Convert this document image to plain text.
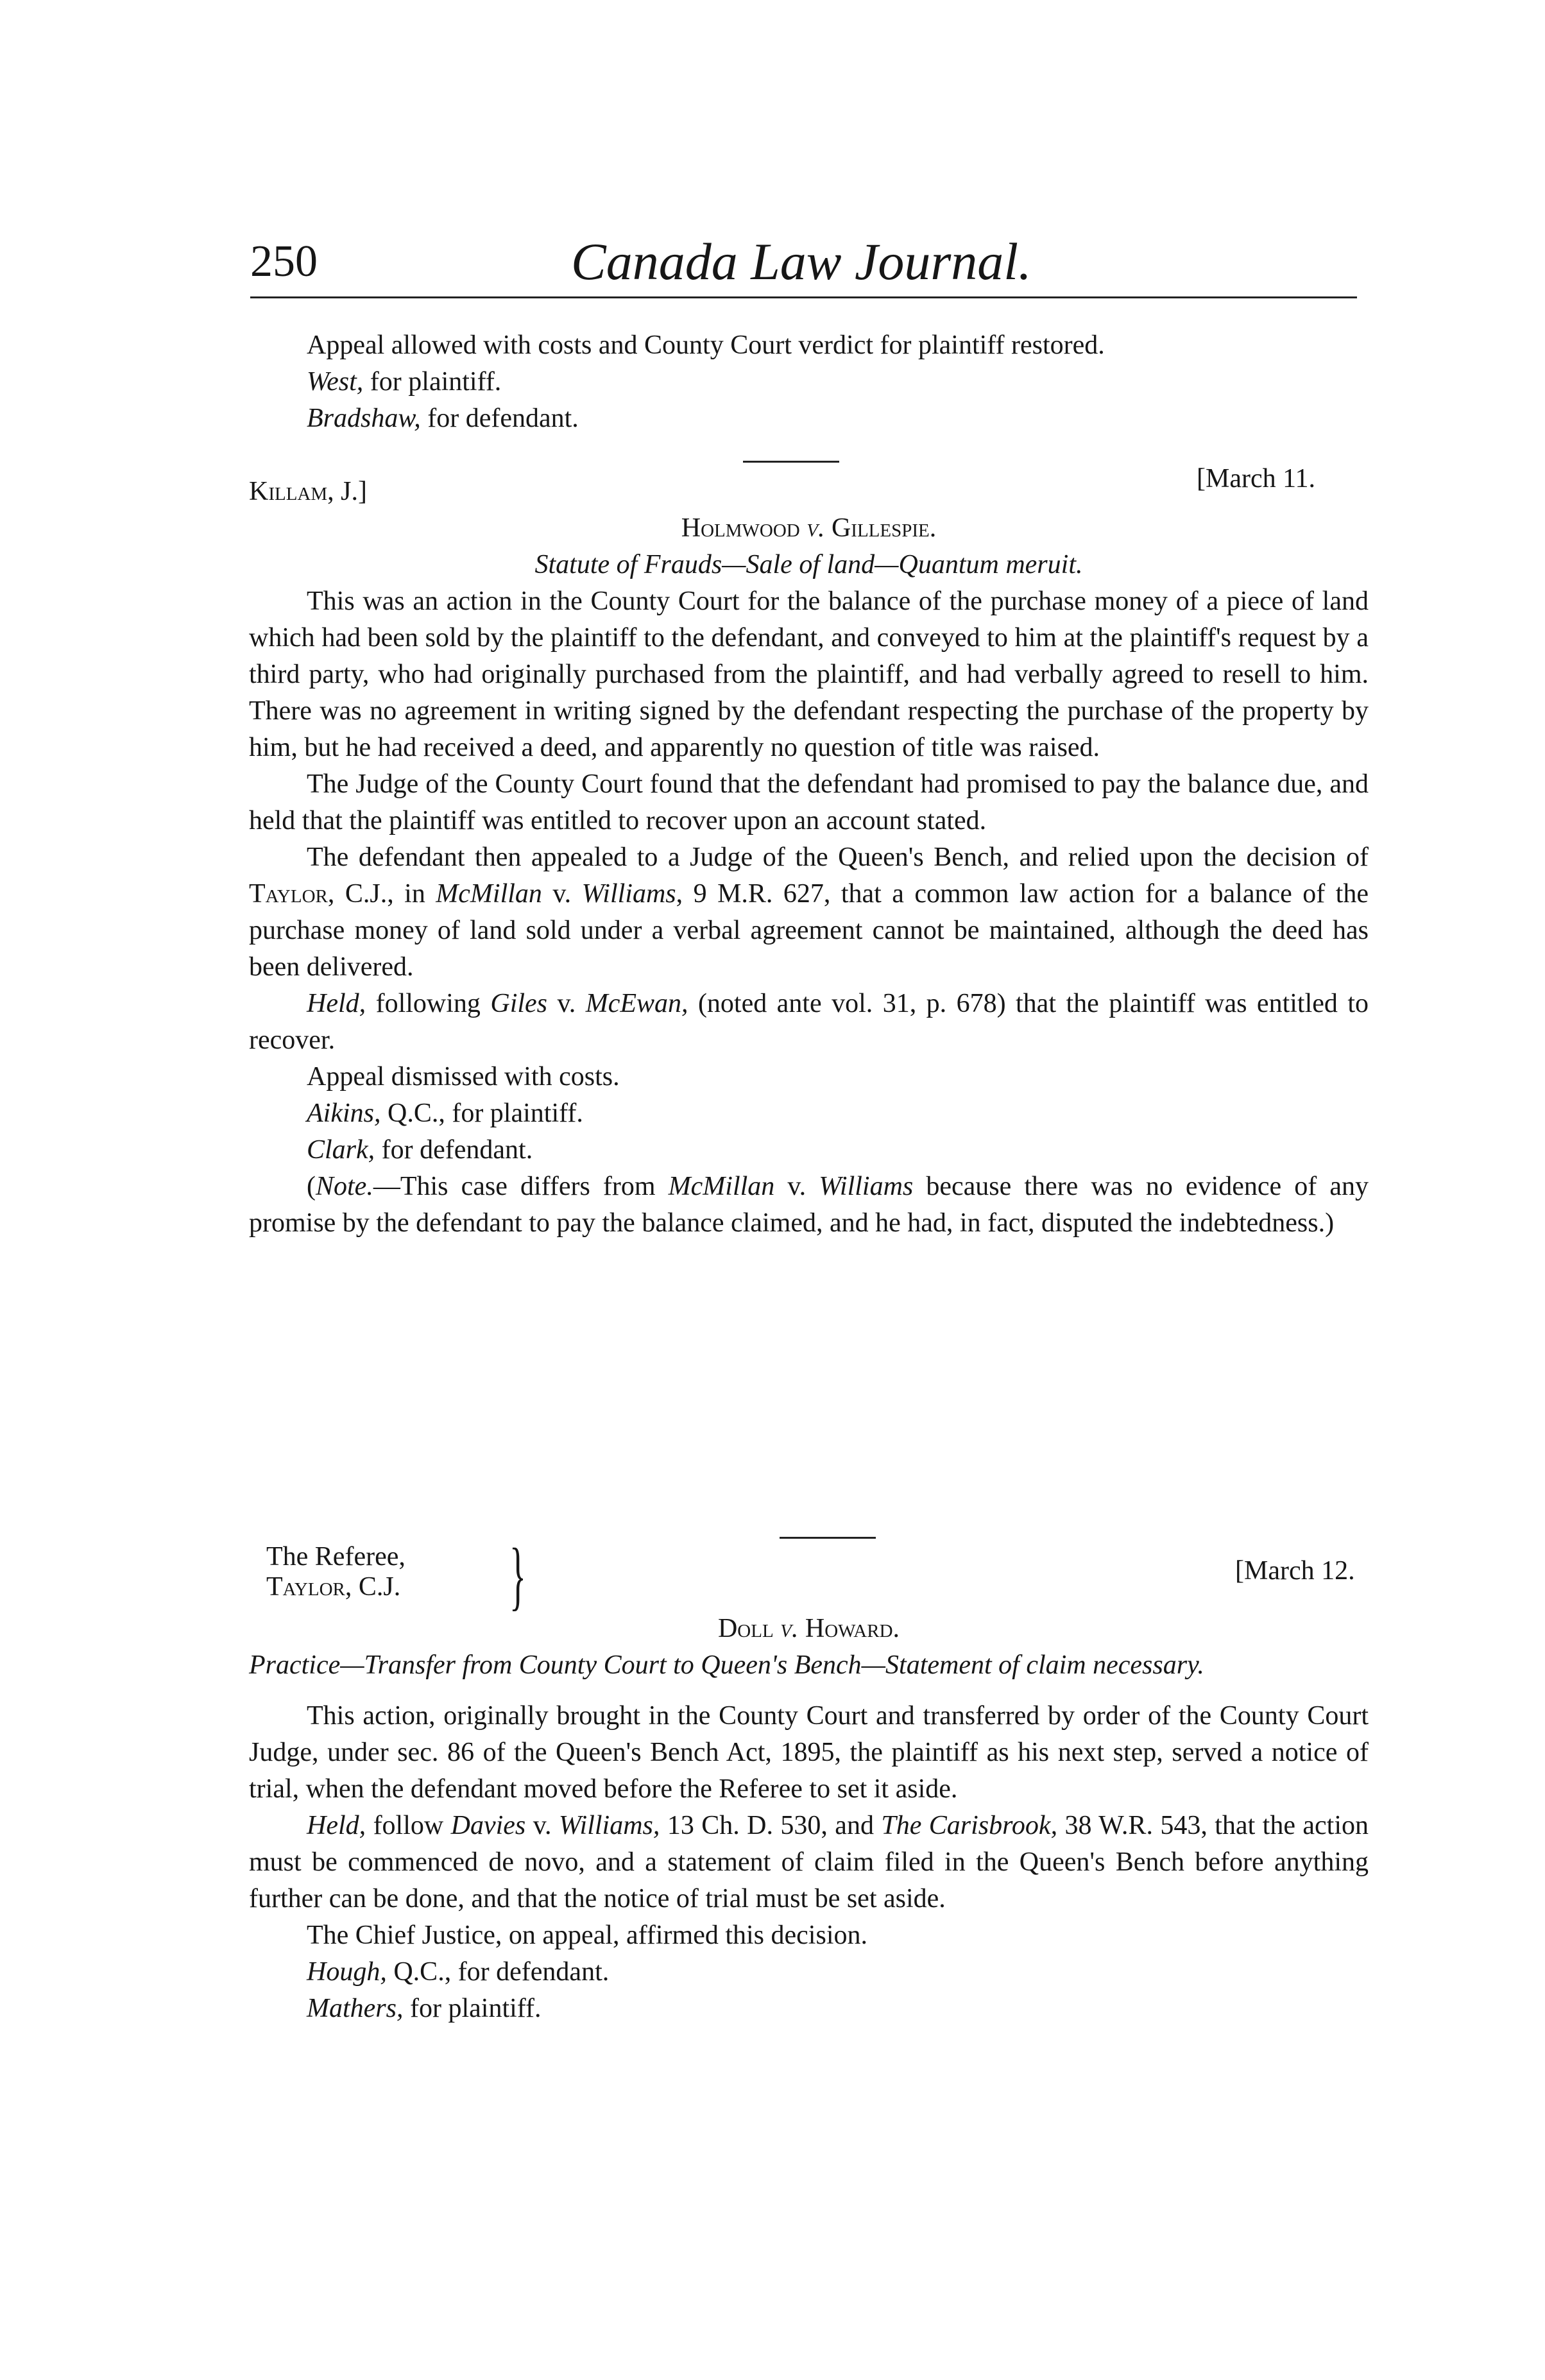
250	Canada Law Journal.

Appeal allowed with costs and County Court verdict for plaintiff restored.

West, for plaintiff.

Bradshaw, for defendant.

Killam, J.]	[March 11.

Holmwood v. Gillespie.

Statute of Frauds—Sale of land—Quantum meruit.

This was an action in the County Court for the balance of the purchase money of a piece of land which had been sold by the plaintiff to the defendant, and conveyed to him at the plaintiff's request by a third party, who had originally purchased from the plaintiff, and had verbally agreed to resell to him. There was no agreement in writing signed by the defendant respecting the purchase of the property by him, but he had received a deed, and apparently no question of title was raised.

The Judge of the County Court found that the defendant had promised to pay the balance due, and held that the plaintiff was entitled to recover upon an account stated.

The defendant then appealed to a Judge of the Queen's Bench, and relied upon the decision of Taylor, C.J., in McMillan v. Williams, 9 M.R. 627, that a common law action for a balance of the purchase money of land sold under a verbal agreement cannot be maintained, although the deed has been delivered.

Held, following Giles v. McEwan, (noted ante vol. 31, p. 678) that the plaintiff was entitled to recover.

Appeal dismissed with costs.

Aikins, Q.C., for plaintiff.

Clark, for defendant.

(Note.—This case differs from McMillan v. Williams because there was no evidence of any promise by the defendant to pay the balance claimed, and he had, in fact, disputed the indebtedness.)

The Referee,
Taylor, C.J. }	[March 12.

Doll v. Howard.

Practice—Transfer from County Court to Queen's Bench—Statement of claim necessary.

This action, originally brought in the County Court and transferred by order of the County Court Judge, under sec. 86 of the Queen's Bench Act, 1895, the plaintiff as his next step, served a notice of trial, when the defendant moved before the Referee to set it aside.

Held, follow Davies v. Williams, 13 Ch. D. 530, and The Carisbrook, 38 W.R. 543, that the action must be commenced de novo, and a statement of claim filed in the Queen's Bench before anything further can be done, and that the notice of trial must be set aside.

The Chief Justice, on appeal, affirmed this decision.

Hough, Q.C., for defendant.

Mathers, for plaintiff.
